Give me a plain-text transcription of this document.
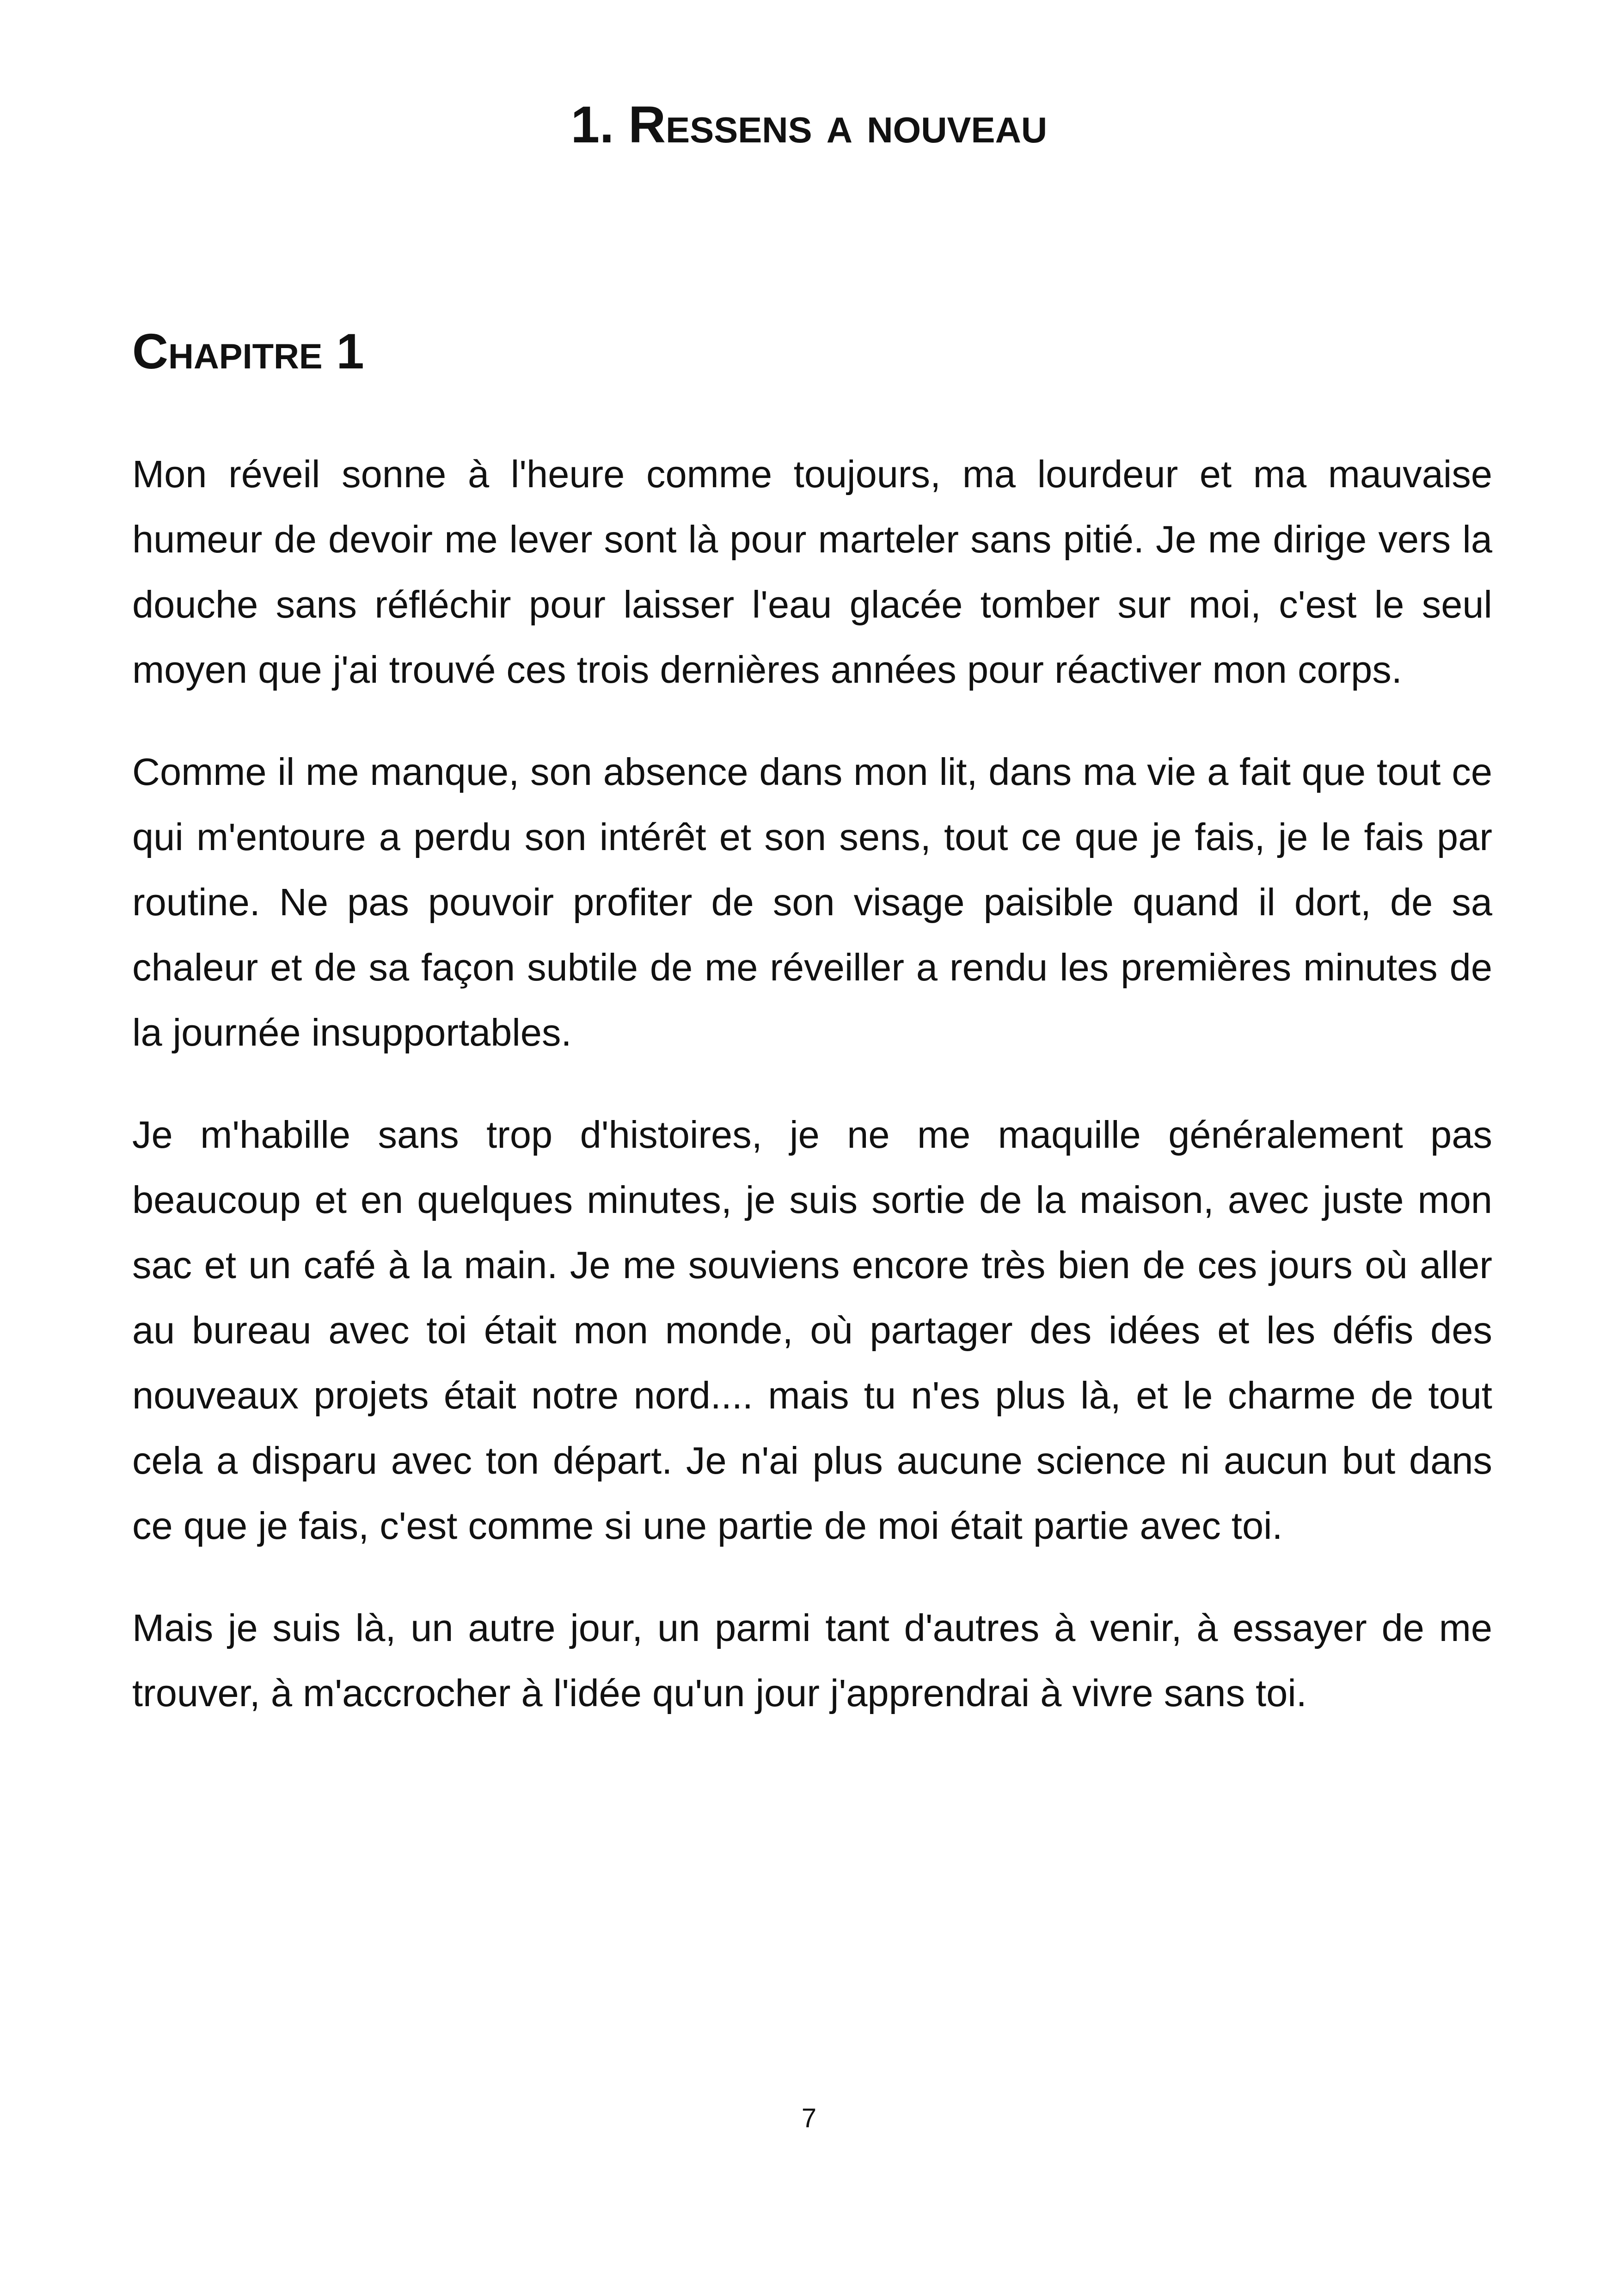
1. Ressens a nouveau
Chapitre 1

Mon réveil sonne à l'heure comme toujours, ma lourdeur et ma mauvaise humeur de devoir me lever sont là pour marteler sans pitié. Je me dirige vers la douche sans réfléchir pour laisser l'eau glacée tomber sur moi, c'est le seul moyen que j'ai trouvé ces trois dernières années pour réactiver mon corps.

Comme il me manque, son absence dans mon lit, dans ma vie a fait que tout ce qui m'entoure a perdu son intérêt et son sens, tout ce que je fais, je le fais par routine. Ne pas pouvoir profiter de son visage paisible quand il dort, de sa chaleur et de sa façon subtile de me réveiller a rendu les premières minutes de la journée insupportables.

Je m'habille sans trop d'histoires, je ne me maquille généralement pas beaucoup et en quelques minutes, je suis sortie de la maison, avec juste mon sac et un café à la main. Je me souviens encore très bien de ces jours où aller au bureau avec toi était mon monde, où partager des idées et les défis des nouveaux projets était notre nord.... mais tu n'es plus là, et le charme de tout cela a disparu avec ton départ. Je n'ai plus aucune science ni aucun but dans ce que je fais, c'est comme si une partie de moi était partie avec toi.

Mais je suis là, un autre jour, un parmi tant d'autres à venir, à essayer de me trouver, à m'accrocher à l'idée qu'un jour j'apprendrai à vivre sans toi.

7
